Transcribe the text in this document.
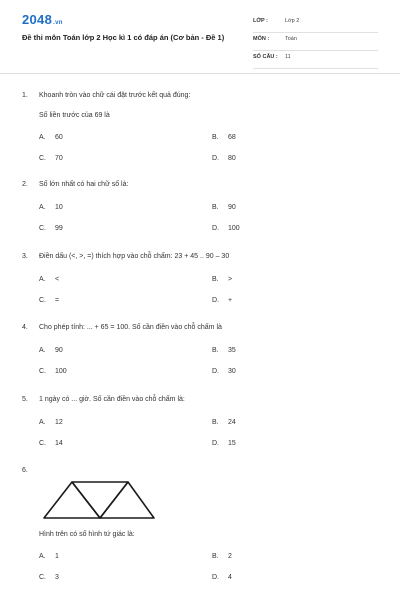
2048.vn
Đề thi môn Toán lớp 2 Học kì 1 có đáp án (Cơ bản - Đề 1)
LỚP :	Lớp 2
MÔN :	Toán
SỐ CÂU : 11
1. Khoanh tròn vào chữ cái đặt trước kết quả đúng:
Số liền trước của 69 là
A. 60	B. 68
C. 70	D. 80
2. Số lớn nhất có hai chữ số là:
A. 10	B. 90
C. 99	D. 100
3. Điền dấu (<, >, =) thích hợp vào chỗ chấm: 23 + 45 .. 90 – 30
A. <	B. >
C. =	D. +
4. Cho phép tính: ... + 65 = 100. Số cần điền vào chỗ chấm là
A. 90	B. 35
C. 100	D. 30
5. 1 ngày có ... giờ. Số cần điền vào chỗ chấm là:
A. 12	B. 24
C. 14	D. 15
6.
Hình trên có số hình tứ giác là:
A. 1	B. 2
C. 3	D. 4
